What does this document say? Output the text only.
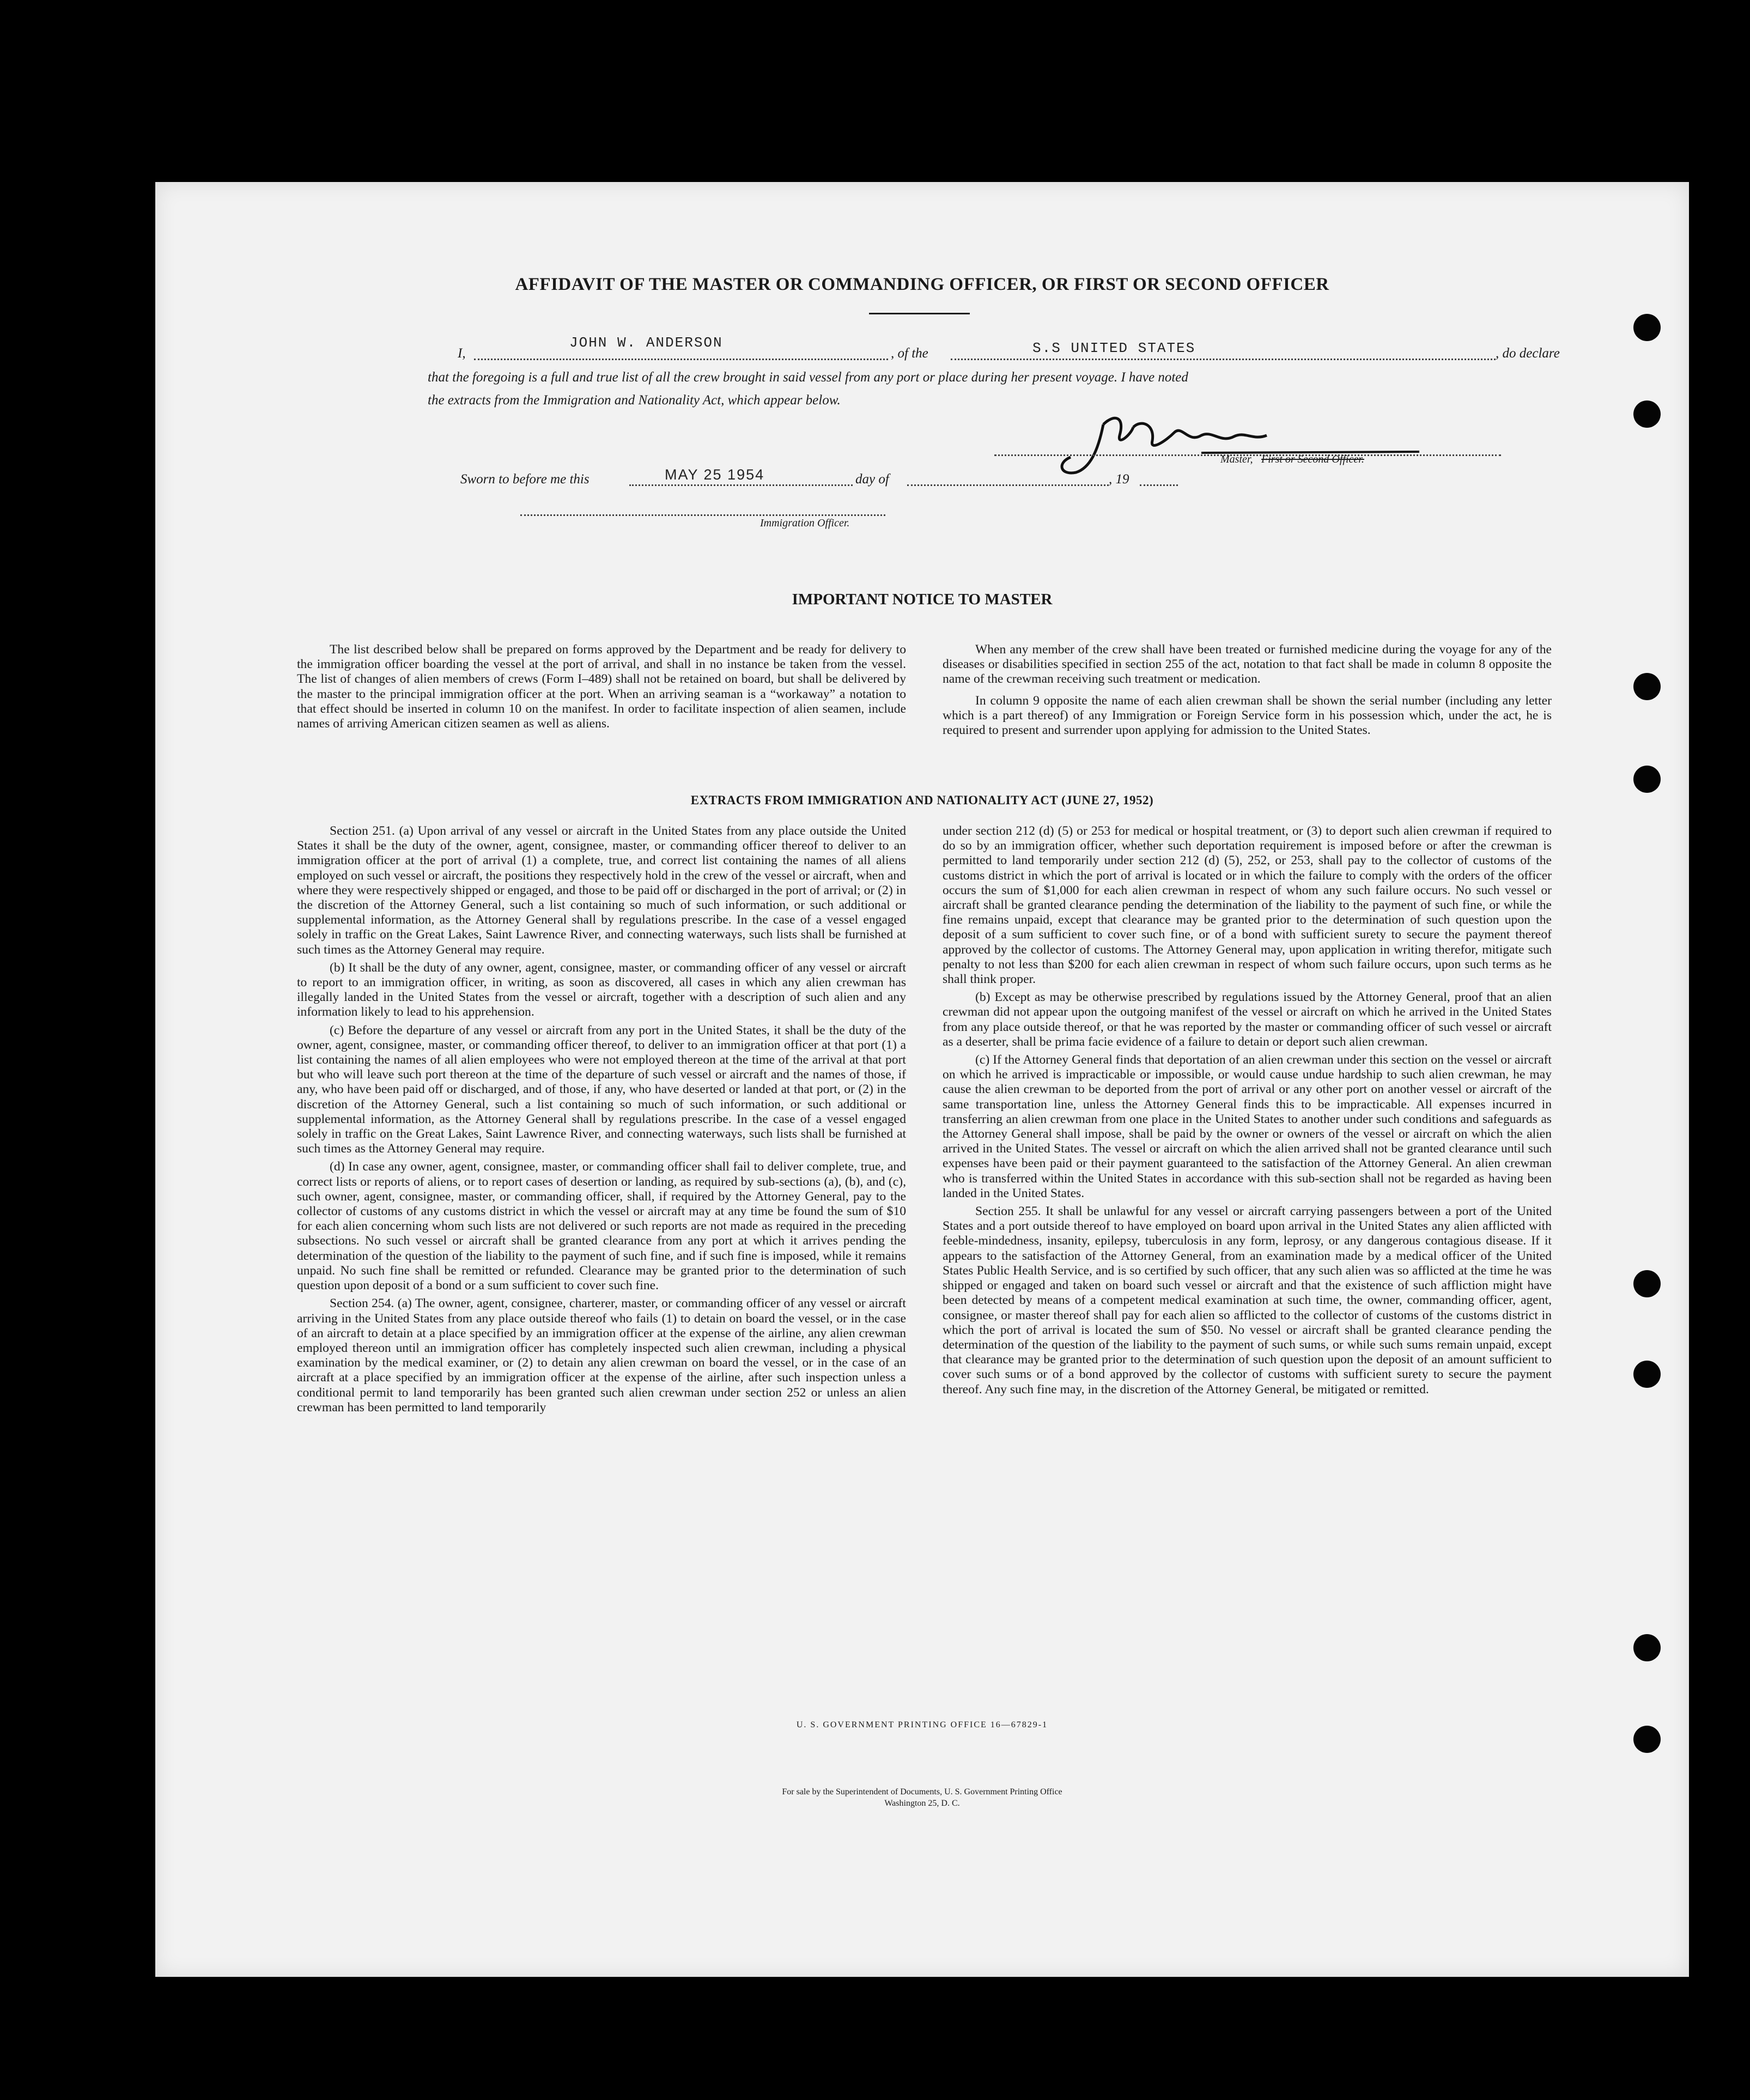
AFFIDAVIT OF THE MASTER OR COMMANDING OFFICER, OR FIRST OR SECOND OFFICER
I,
JOHN W. ANDERSON
, of the	S.S UNITED STATES	, do declare
that the foregoing is a full and true list of all the crew brought in said vessel from any port or place during her present voyage. I have noted
the extracts from the Immigration and Nationality Act, which appear below.
Master, First or Second Officer.
Sworn to before me this	MAY 25 1954	day of	, 19
Immigration Officer.
IMPORTANT NOTICE TO MASTER

The list described below shall be prepared on forms approved by the Department and be ready for delivery to the immigration officer boarding the vessel at the port of arrival, and shall in no instance be taken from the vessel. The list of changes of alien members of crews (Form I–489) shall not be retained on board, but shall be delivered by the master to the principal immigration officer at the port. When an arriving seaman is a “workaway” a notation to that effect should be inserted in column 10 on the manifest. In order to facilitate inspection of alien seamen, include names of arriving American citizen seamen as well as aliens.

When any member of the crew shall have been treated or furnished medicine during the voyage for any of the diseases or disabilities specified in section 255 of the act, notation to that fact shall be made in column 8 opposite the name of the crewman receiving such treatment or medication.

In column 9 opposite the name of each alien crewman shall be shown the serial number (including any letter which is a part thereof) of any Immigration or Foreign Service form in his possession which, under the act, he is required to present and surrender upon applying for admission to the United States.

EXTRACTS FROM IMMIGRATION AND NATIONALITY ACT (JUNE 27, 1952)

Section 251. (a) Upon arrival of any vessel or aircraft in the United States from any place outside the United States it shall be the duty of the owner, agent, consignee, master, or commanding officer thereof to deliver to an immigration officer at the port of arrival (1) a complete, true, and correct list containing the names of all aliens employed on such vessel or aircraft, the positions they respectively hold in the crew of the vessel or aircraft, when and where they were respectively shipped or engaged, and those to be paid off or discharged in the port of arrival; or (2) in the discretion of the Attorney General, such a list containing so much of such information, or such additional or supplemental information, as the Attorney General shall by regulations prescribe. In the case of a vessel engaged solely in traffic on the Great Lakes, Saint Lawrence River, and connecting waterways, such lists shall be furnished at such times as the Attorney General may require.

(b) It shall be the duty of any owner, agent, consignee, master, or commanding officer of any vessel or aircraft to report to an immigration officer, in writing, as soon as discovered, all cases in which any alien crewman has illegally landed in the United States from the vessel or aircraft, together with a description of such alien and any information likely to lead to his apprehension.

(c) Before the departure of any vessel or aircraft from any port in the United States, it shall be the duty of the owner, agent, consignee, master, or commanding officer thereof, to deliver to an immigration officer at that port (1) a list containing the names of all alien employees who were not employed thereon at the time of the arrival at that port but who will leave such port thereon at the time of the departure of such vessel or aircraft and the names of those, if any, who have been paid off or discharged, and of those, if any, who have deserted or landed at that port, or (2) in the discretion of the Attorney General, such a list containing so much of such information, or such additional or supplemental information, as the Attorney General shall by regulations prescribe. In the case of a vessel engaged solely in traffic on the Great Lakes, Saint Lawrence River, and connecting waterways, such lists shall be furnished at such times as the Attorney General may require.

(d) In case any owner, agent, consignee, master, or commanding officer shall fail to deliver complete, true, and correct lists or reports of aliens, or to report cases of desertion or landing, as required by sub-sections (a), (b), and (c), such owner, agent, consignee, master, or commanding officer, shall, if required by the Attorney General, pay to the collector of customs of any customs district in which the vessel or aircraft may at any time be found the sum of $10 for each alien concerning whom such lists are not delivered or such reports are not made as required in the preceding subsections. No such vessel or aircraft shall be granted clearance from any port at which it arrives pending the determination of the question of the liability to the payment of such fine, and if such fine is imposed, while it remains unpaid. No such fine shall be remitted or refunded. Clearance may be granted prior to the determination of such question upon deposit of a bond or a sum sufficient to cover such fine.

Section 254. (a) The owner, agent, consignee, charterer, master, or commanding officer of any vessel or aircraft arriving in the United States from any place outside thereof who fails (1) to detain on board the vessel, or in the case of an aircraft to detain at a place specified by an immigration officer at the expense of the airline, any alien crewman employed thereon until an immigration officer has completely inspected such alien crewman, including a physical examination by the medical examiner, or (2) to detain any alien crewman on board the vessel, or in the case of an aircraft at a place specified by an immigration officer at the expense of the airline, after such inspection unless a conditional permit to land temporarily has been granted such alien crewman under section 252 or unless an alien crewman has been permitted to land temporarily

under section 212 (d) (5) or 253 for medical or hospital treatment, or (3) to deport such alien crewman if required to do so by an immigration officer, whether such deportation requirement is imposed before or after the crewman is permitted to land temporarily under section 212 (d) (5), 252, or 253, shall pay to the collector of customs of the customs district in which the port of arrival is located or in which the failure to comply with the orders of the officer occurs the sum of $1,000 for each alien crewman in respect of whom any such failure occurs. No such vessel or aircraft shall be granted clearance pending the determination of the liability to the payment of such fine, or while the fine remains unpaid, except that clearance may be granted prior to the determination of such question upon the deposit of a sum sufficient to cover such fine, or of a bond with sufficient surety to secure the payment thereof approved by the collector of customs. The Attorney General may, upon application in writing therefor, mitigate such penalty to not less than $200 for each alien crewman in respect of whom such failure occurs, upon such terms as he shall think proper.

(b) Except as may be otherwise prescribed by regulations issued by the Attorney General, proof that an alien crewman did not appear upon the outgoing manifest of the vessel or aircraft on which he arrived in the United States from any place outside thereof, or that he was reported by the master or commanding officer of such vessel or aircraft as a deserter, shall be prima facie evidence of a failure to detain or deport such alien crewman.

(c) If the Attorney General finds that deportation of an alien crewman under this section on the vessel or aircraft on which he arrived is impracticable or impossible, or would cause undue hardship to such alien crewman, he may cause the alien crewman to be deported from the port of arrival or any other port on another vessel or aircraft of the same transportation line, unless the Attorney General finds this to be impracticable. All expenses incurred in transferring an alien crewman from one place in the United States to another under such conditions and safeguards as the Attorney General shall impose, shall be paid by the owner or owners of the vessel or aircraft on which the alien arrived in the United States. The vessel or aircraft on which the alien arrived shall not be granted clearance until such expenses have been paid or their payment guaranteed to the satisfaction of the Attorney General. An alien crewman who is transferred within the United States in accordance with this sub-section shall not be regarded as having been landed in the United States.

Section 255. It shall be unlawful for any vessel or aircraft carrying passengers between a port of the United States and a port outside thereof to have employed on board upon arrival in the United States any alien afflicted with feeble-mindedness, insanity, epilepsy, tuberculosis in any form, leprosy, or any dangerous contagious disease. If it appears to the satisfaction of the Attorney General, from an examination made by a medical officer of the United States Public Health Service, and is so certified by such officer, that any such alien was so afflicted at the time he was shipped or engaged and taken on board such vessel or aircraft and that the existence of such affliction might have been detected by means of a competent medical examination at such time, the owner, commanding officer, agent, consignee, or master thereof shall pay for each alien so afflicted to the collector of customs of the customs district in which the port of arrival is located the sum of $50. No vessel or aircraft shall be granted clearance pending the determination of the question of the liability to the payment of such sums, or while such sums remain unpaid, except that clearance may be granted prior to the determination of such question upon the deposit of an amount sufficient to cover such sums or of a bond approved by the collector of customs with sufficient surety to secure the payment thereof. Any such fine may, in the discretion of the Attorney General, be mitigated or remitted.

U. S. GOVERNMENT PRINTING OFFICE 16—67829-1
For sale by the Superintendent of Documents, U. S. Government Printing Office
Washington 25, D. C.
